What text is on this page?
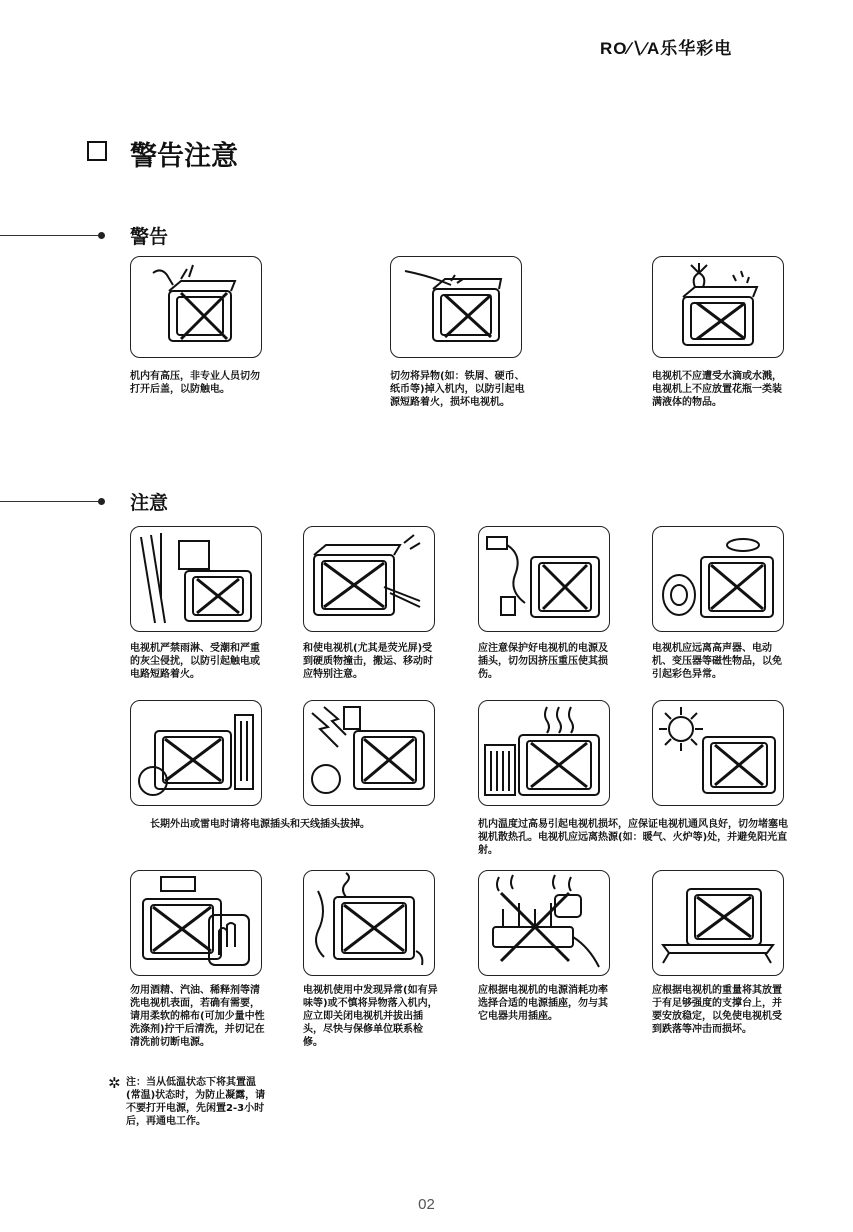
RO∕∖∕A乐华彩电
警告注意
警告
机内有高压，非专业人员切勿打开后盖，以防触电。
切勿将异物(如：铁屑、硬币、纸币等)掉入机内，以防引起电源短路着火，损坏电视机。
电视机不应遭受水滴或水溅，电视机上不应放置花瓶一类装满液体的物品。
注意
电视机严禁雨淋、受潮和严重的灰尘侵扰，以防引起触电或电路短路着火。
和使电视机(尤其是荧光屏)受到硬质物撞击，搬运、移动时应特别注意。
应注意保护好电视机的电源及插头，切勿因挤压重压使其损伤。
电视机应远离高声器、电动机、变压器等磁性物品，以免引起彩色异常。
长期外出或雷电时请将电源插头和天线插头拔掉。	机内温度过高易引起电视机损坏，应保证电视机通风良好，切勿堵塞电视机散热孔。电视机应远离热源(如：暖气、火炉等)处，并避免阳光直射。
勿用酒精、汽油、稀释剂等清洗电视机表面，若确有需要，请用柔软的棉布(可加少量中性洗涤剂)拧干后清洗，并切记在清洗前切断电源。
电视机使用中发现异常(如有异味等)或不慎将异物落入机内，应立即关闭电视机并拔出插头，尽快与保修单位联系检修。
应根据电视机的电源消耗功率选择合适的电源插座，勿与其它电器共用插座。
应根据电视机的重量将其放置于有足够强度的支撑台上，并要安放稳定，以免使电视机受到跌落等冲击而损坏。
✲ 注：当从低温状态下将其置温(常温)状态时，为防止凝露，请不要打开电源，先闲置2-3小时后，再通电工作。
02
